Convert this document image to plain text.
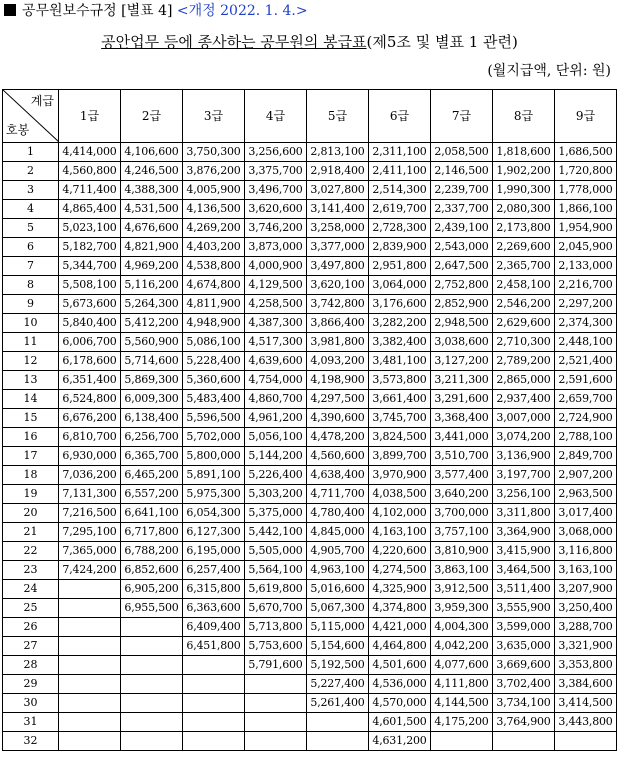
공무원보수규정 [별표 4] <개정 2022. 1. 4.>
공안업무 등에 종사하는 공무원의 봉급표(제5조 및 별표 1 관련)
(월지급액, 단위: 원)
계급
호봉	1급	2급	3급	4급	5급	6급	7급	8급	9급
1	4,414,000	4,106,600	3,750,300	3,256,600	2,813,100	2,311,100	2,058,500	1,818,600	1,686,500
2	4,560,800	4,246,500	3,876,200	3,375,700	2,918,400	2,411,100	2,146,500	1,902,200	1,720,800
3	4,711,400	4,388,300	4,005,900	3,496,700	3,027,800	2,514,300	2,239,700	1,990,300	1,778,000
4	4,865,400	4,531,500	4,136,500	3,620,600	3,141,400	2,619,700	2,337,700	2,080,300	1,866,100
5	5,023,100	4,676,600	4,269,200	3,746,200	3,258,000	2,728,300	2,439,100	2,173,800	1,954,900
6	5,182,700	4,821,900	4,403,200	3,873,000	3,377,000	2,839,900	2,543,000	2,269,600	2,045,900
7	5,344,700	4,969,200	4,538,800	4,000,900	3,497,800	2,951,800	2,647,500	2,365,700	2,133,000
8	5,508,100	5,116,200	4,674,800	4,129,500	3,620,100	3,064,000	2,752,800	2,458,100	2,216,700
9	5,673,600	5,264,300	4,811,900	4,258,500	3,742,800	3,176,600	2,852,900	2,546,200	2,297,200
10	5,840,400	5,412,200	4,948,900	4,387,300	3,866,400	3,282,200	2,948,500	2,629,600	2,374,300
11	6,006,700	5,560,900	5,086,100	4,517,300	3,981,800	3,382,400	3,038,600	2,710,300	2,448,100
12	6,178,600	5,714,600	5,228,400	4,639,600	4,093,200	3,481,100	3,127,200	2,789,200	2,521,400
13	6,351,400	5,869,300	5,360,600	4,754,000	4,198,900	3,573,800	3,211,300	2,865,000	2,591,600
14	6,524,800	6,009,300	5,483,400	4,860,700	4,297,500	3,661,400	3,291,600	2,937,400	2,659,700
15	6,676,200	6,138,400	5,596,500	4,961,200	4,390,600	3,745,700	3,368,400	3,007,000	2,724,900
16	6,810,700	6,256,700	5,702,000	5,056,100	4,478,200	3,824,500	3,441,000	3,074,200	2,788,100
17	6,930,000	6,365,700	5,800,000	5,144,200	4,560,600	3,899,700	3,510,700	3,136,900	2,849,700
18	7,036,200	6,465,200	5,891,100	5,226,400	4,638,400	3,970,900	3,577,400	3,197,700	2,907,200
19	7,131,300	6,557,200	5,975,300	5,303,200	4,711,700	4,038,500	3,640,200	3,256,100	2,963,500
20	7,216,500	6,641,100	6,054,300	5,375,000	4,780,400	4,102,000	3,700,000	3,311,800	3,017,400
21	7,295,100	6,717,800	6,127,300	5,442,100	4,845,000	4,163,100	3,757,100	3,364,900	3,068,000
22	7,365,000	6,788,200	6,195,000	5,505,000	4,905,700	4,220,600	3,810,900	3,415,900	3,116,800
23	7,424,200	6,852,600	6,257,400	5,564,100	4,963,100	4,274,500	3,863,100	3,464,500	3,163,100
24		6,905,200	6,315,800	5,619,800	5,016,600	4,325,900	3,912,500	3,511,400	3,207,900
25		6,955,500	6,363,600	5,670,700	5,067,300	4,374,800	3,959,300	3,555,900	3,250,400
26			6,409,400	5,713,800	5,115,000	4,421,000	4,004,300	3,599,000	3,288,700
27			6,451,800	5,753,600	5,154,600	4,464,800	4,042,200	3,635,000	3,321,900
28				5,791,600	5,192,500	4,501,600	4,077,600	3,669,600	3,353,800
29					5,227,400	4,536,000	4,111,800	3,702,400	3,384,600
30					5,261,400	4,570,000	4,144,500	3,734,100	3,414,500
31						4,601,500	4,175,200	3,764,900	3,443,800
32						4,631,200			
